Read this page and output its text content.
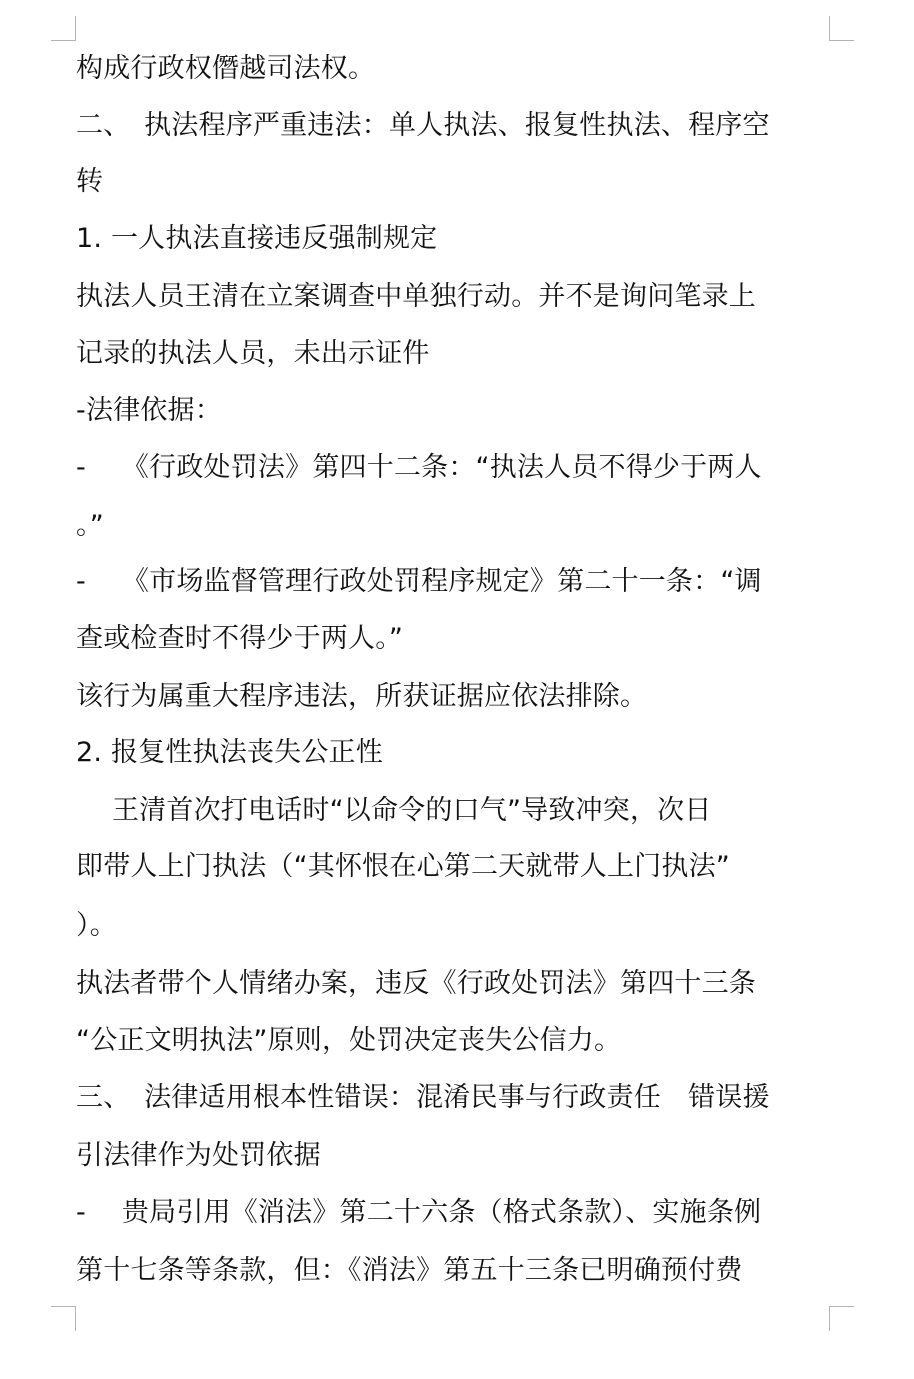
构成行政权僭越司法权。
二、　执法程序严重违法：单人执法、报复性执法、程序空
转
1. 一人执法直接违反强制规定
执法人员王清在立案调查中单独行动。并不是询问笔录上
记录的执法人员，未出示证件
-法律依据：
-　 《行政处罚法》第四十二条：“执法人员不得少于两人
。”
-　 《市场监督管理行政处罚程序规定》第二十一条：“调
查或检查时不得少于两人。”
该行为属重大程序违法，所获证据应依法排除。
2. 报复性执法丧失公正性
　 王清首次打电话时“以命令的口气”导致冲突，次日
即带人上门执法（“其怀恨在心第二天就带人上门执法”
）。
执法者带个人情绪办案，违反《行政处罚法》第四十三条
“公正文明执法”原则，处罚决定丧失公信力。
三、　法律适用根本性错误：混淆民事与行政责任　错误援
引法律作为处罚依据
-　 贵局引用《消法》第二十六条（格式条款）、实施条例
第十七条等条款，但：《消法》第五十三条已明确预付费
